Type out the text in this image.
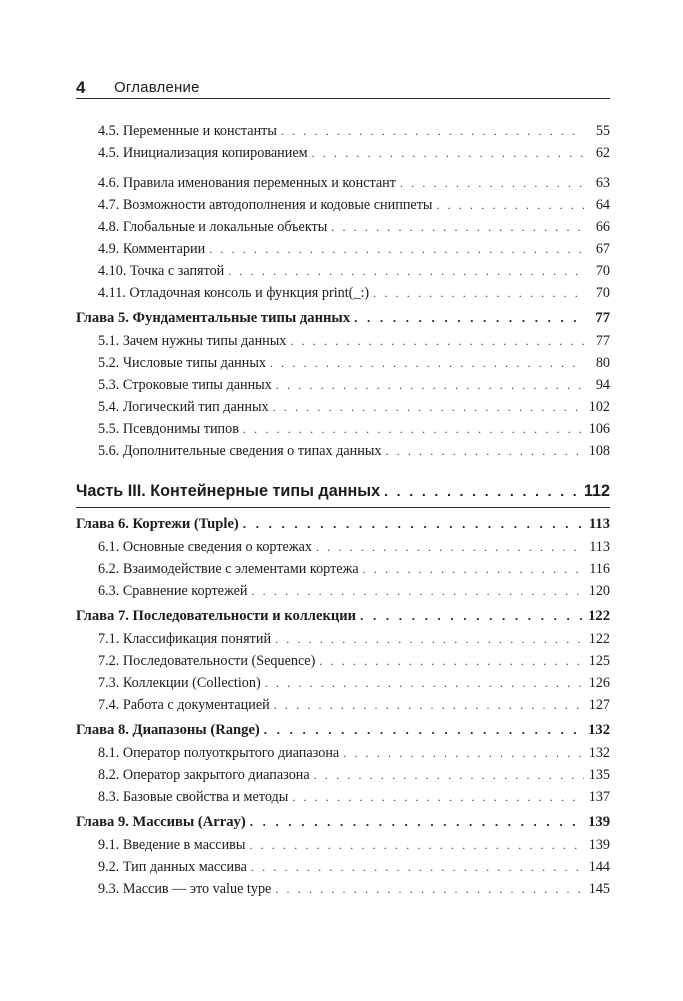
4 Оглавление
4.5. Переменные и константы . . .	55
4.5. Инициализация копированием . . .	62
4.6. Правила именования переменных и констант . . .	63
4.7. Возможности автодополнения и кодовые сниппеты . . .	64
4.8. Глобальные и локальные объекты . . .	66
4.9. Комментарии . . .	67
4.10. Точка с запятой . . .	70
4.11. Отладочная консоль и функция print(_:) . . .	70
Глава 5. Фундаментальные типы данных . . .	77
5.1. Зачем нужны типы данных . . .	77
5.2. Числовые типы данных . . .	80
5.3. Строковые типы данных . . .	94
5.4. Логический тип данных . . .	102
5.5. Псевдонимы типов . . .	106
5.6. Дополнительные сведения о типах данных . . .	108
Часть III. Контейнерные типы данных . . .	112
Глава 6. Кортежи (Tuple) . . .	113
6.1. Основные сведения о кортежах . . .	113
6.2. Взаимодействие с элементами кортежа . . .	116
6.3. Сравнение кортежей . . .	120
Глава 7. Последовательности и коллекции . . .	122
7.1. Классификация понятий . . .	122
7.2. Последовательности (Sequence) . . .	125
7.3. Коллекции (Collection) . . .	126
7.4. Работа с документацией . . .	127
Глава 8. Диапазоны (Range) . . .	132
8.1. Оператор полуоткрытого диапазона . . .	132
8.2. Оператор закрытого диапазона . . .	135
8.3. Базовые свойства и методы . . .	137
Глава 9. Массивы (Array) . . .	139
9.1. Введение в массивы . . .	139
9.2. Тип данных массива . . .	144
9.3. Массив — это value type . . .	145
